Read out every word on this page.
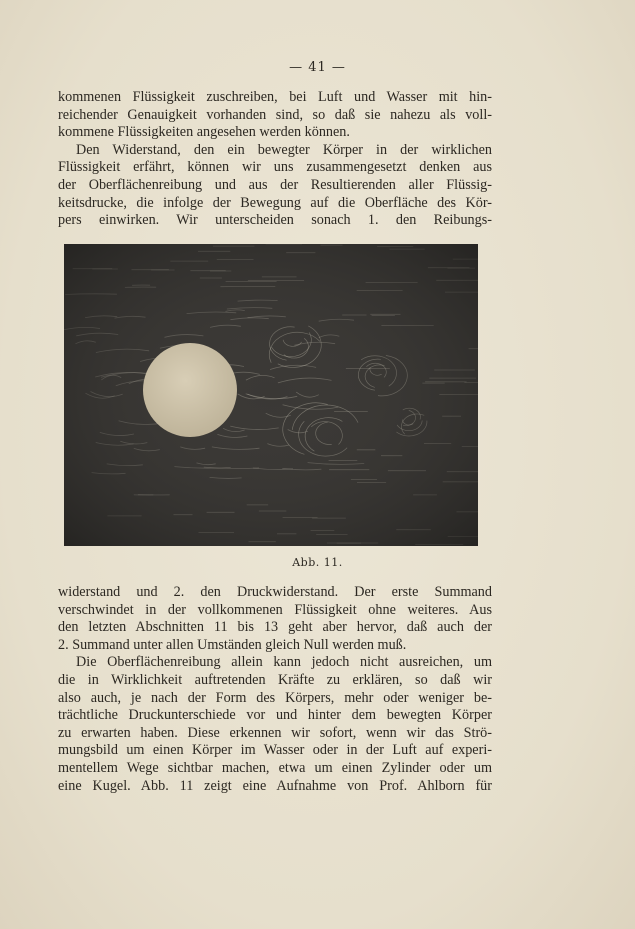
— 41 —
kommenen Flüssigkeit zuschreiben, bei Luft und Wasser mit hin-
reichender Genauigkeit vorhanden sind, so daß sie nahezu als voll-
kommene Flüssigkeiten angesehen werden können.
Den Widerstand, den ein bewegter Körper in der wirklichen
Flüssigkeit erfährt, können wir uns zusammengesetzt denken aus
der Oberflächenreibung und aus der Resultierenden aller Flüssig-
keitsdrucke, die infolge der Bewegung auf die Oberfläche des Kör-
pers einwirken. Wir unterscheiden sonach 1. den Reibungs-
Abb. 11.
widerstand und 2. den Druckwiderstand. Der erste Summand
verschwindet in der vollkommenen Flüssigkeit ohne weiteres. Aus
den letzten Abschnitten 11 bis 13 geht aber hervor, daß auch der
2. Summand unter allen Umständen gleich Null werden muß.
Die Oberflächenreibung allein kann jedoch nicht ausreichen, um
die in Wirklichkeit auftretenden Kräfte zu erklären, so daß wir
also auch, je nach der Form des Körpers, mehr oder weniger be-
trächtliche Druckunterschiede vor und hinter dem bewegten Körper
zu erwarten haben. Diese erkennen wir sofort, wenn wir das Strö-
mungsbild um einen Körper im Wasser oder in der Luft auf experi-
mentellem Wege sichtbar machen, etwa um einen Zylinder oder um
eine Kugel. Abb. 11 zeigt eine Aufnahme von Prof. Ahlborn für
